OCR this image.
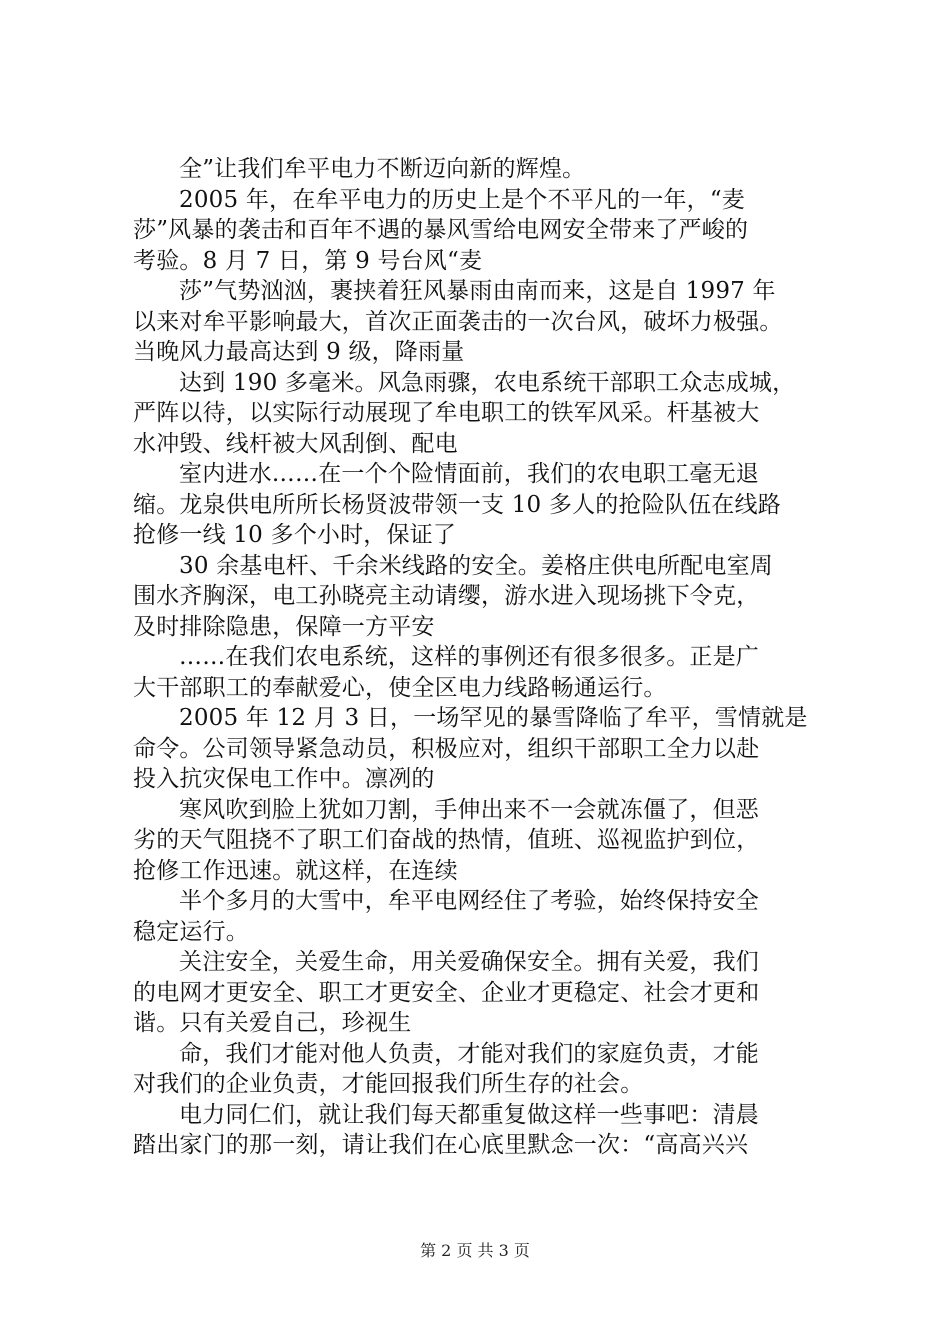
全”让我们牟平电力不断迈向新的辉煌。
2005 年，在牟平电力的历史上是个不平凡的一年，“麦
莎”风暴的袭击和百年不遇的暴风雪给电网安全带来了严峻的
考验。8 月 7 日，第 9 号台风“麦
莎”气势汹汹，裹挟着狂风暴雨由南而来，这是自 1997 年
以来对牟平影响最大，首次正面袭击的一次台风，破坏力极强。
当晚风力最高达到 9 级，降雨量
达到 190 多毫米。风急雨骤，农电系统干部职工众志成城，
严阵以待，以实际行动展现了牟电职工的铁军风采。杆基被大
水冲毁、线杆被大风刮倒、配电
室内进水……在一个个险情面前，我们的农电职工毫无退
缩。龙泉供电所所长杨贤波带领一支 10 多人的抢险队伍在线路
抢修一线 10 多个小时，保证了
30 余基电杆、千余米线路的安全。姜格庄供电所配电室周
围水齐胸深，电工孙晓亮主动请缨，游水进入现场挑下令克，
及时排除隐患，保障一方平安
……在我们农电系统，这样的事例还有很多很多。正是广
大干部职工的奉献爱心，使全区电力线路畅通运行。
2005 年 12 月 3 日，一场罕见的暴雪降临了牟平，雪情就是
命令。公司领导紧急动员，积极应对，组织干部职工全力以赴
投入抗灾保电工作中。凛冽的
寒风吹到脸上犹如刀割，手伸出来不一会就冻僵了，但恶
劣的天气阻挠不了职工们奋战的热情，值班、巡视监护到位，
抢修工作迅速。就这样，在连续
半个多月的大雪中，牟平电网经住了考验，始终保持安全
稳定运行。
关注安全，关爱生命，用关爱确保安全。拥有关爱，我们
的电网才更安全、职工才更安全、企业才更稳定、社会才更和
谐。只有关爱自己，珍视生
命，我们才能对他人负责，才能对我们的家庭负责，才能
对我们的企业负责，才能回报我们所生存的社会。
电力同仁们，就让我们每天都重复做这样一些事吧：清晨
踏出家门的那一刻，请让我们在心底里默念一次：“高高兴兴
第 2 页 共 3 页
